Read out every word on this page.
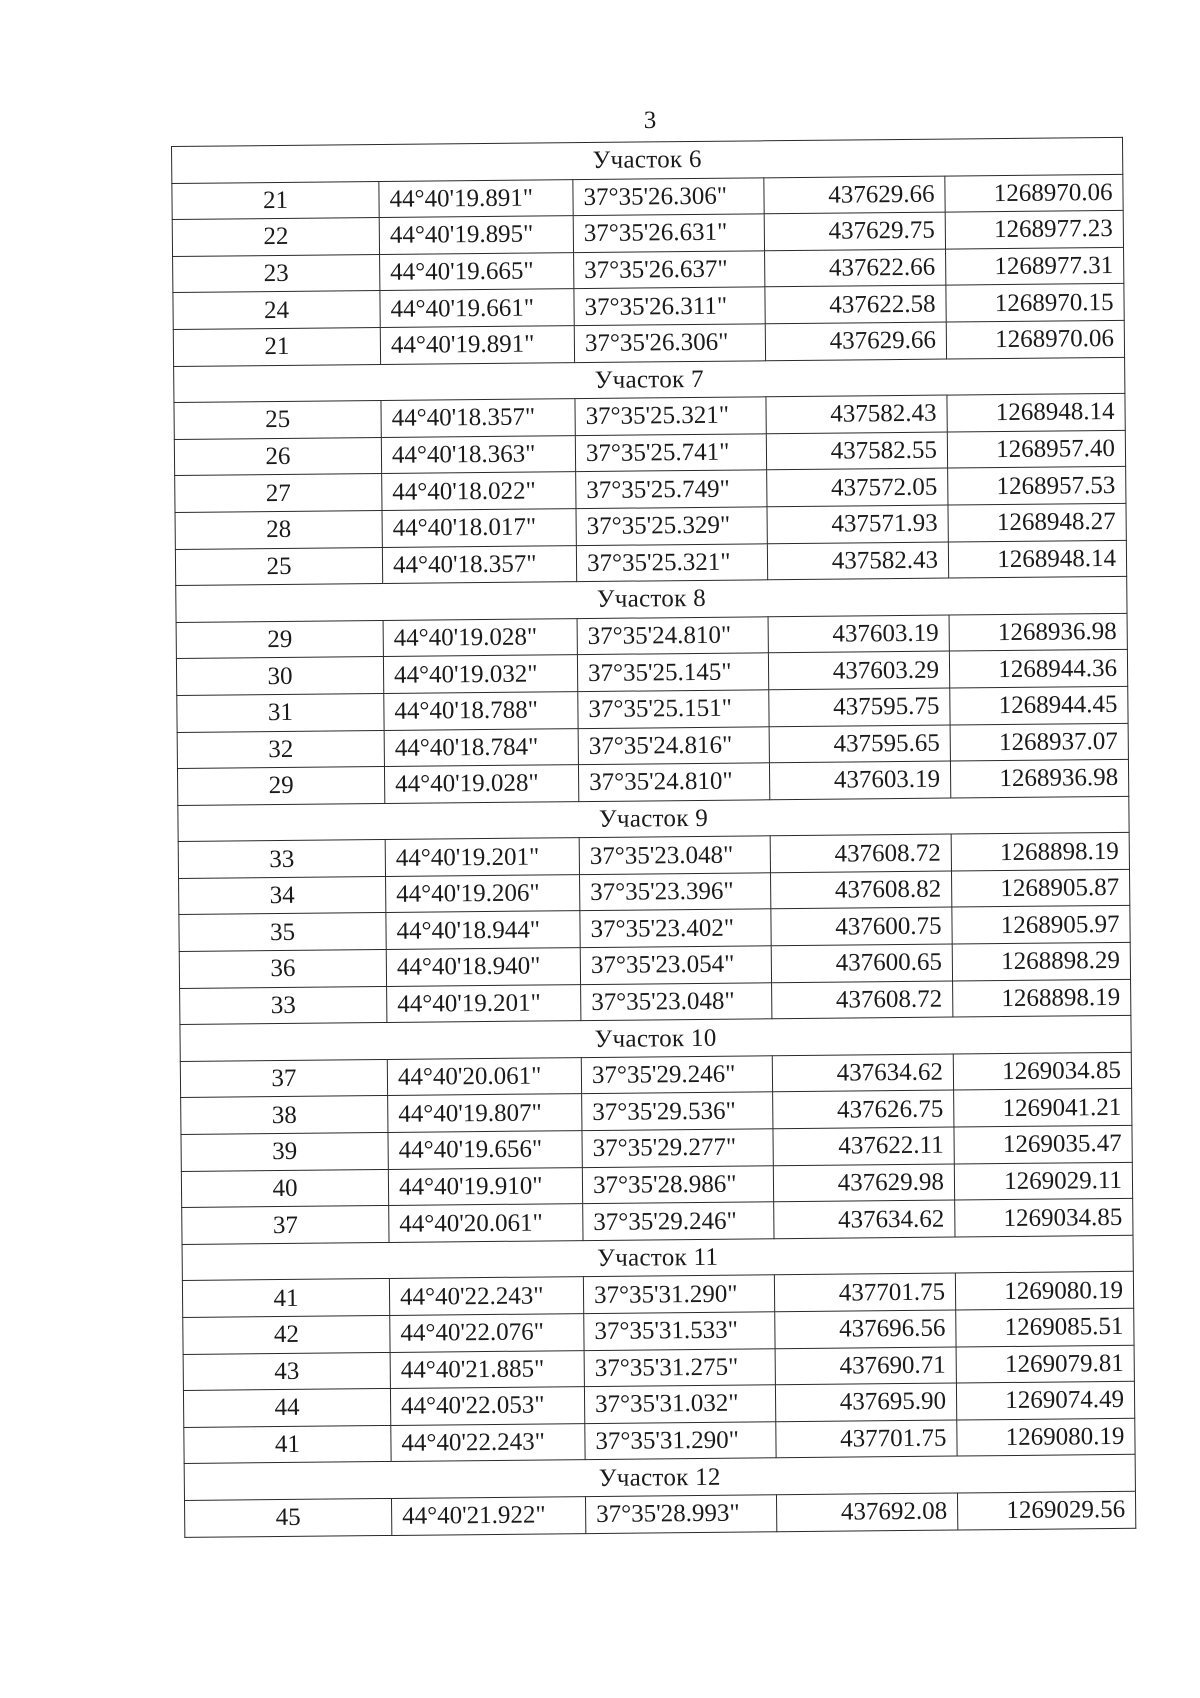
3
Участок 6				
21	44°40'19.891"	37°35'26.306"	437629.66	1268970.06
22	44°40'19.895"	37°35'26.631"	437629.75	1268977.23
23	44°40'19.665"	37°35'26.637"	437622.66	1268977.31
24	44°40'19.661"	37°35'26.311"	437622.58	1268970.15
21	44°40'19.891"	37°35'26.306"	437629.66	1268970.06
Участок 7				
25	44°40'18.357"	37°35'25.321"	437582.43	1268948.14
26	44°40'18.363"	37°35'25.741"	437582.55	1268957.40
27	44°40'18.022"	37°35'25.749"	437572.05	1268957.53
28	44°40'18.017"	37°35'25.329"	437571.93	1268948.27
25	44°40'18.357"	37°35'25.321"	437582.43	1268948.14
Участок 8				
29	44°40'19.028"	37°35'24.810"	437603.19	1268936.98
30	44°40'19.032"	37°35'25.145"	437603.29	1268944.36
31	44°40'18.788"	37°35'25.151"	437595.75	1268944.45
32	44°40'18.784"	37°35'24.816"	437595.65	1268937.07
29	44°40'19.028"	37°35'24.810"	437603.19	1268936.98
Участок 9				
33	44°40'19.201"	37°35'23.048"	437608.72	1268898.19
34	44°40'19.206"	37°35'23.396"	437608.82	1268905.87
35	44°40'18.944"	37°35'23.402"	437600.75	1268905.97
36	44°40'18.940"	37°35'23.054"	437600.65	1268898.29
33	44°40'19.201"	37°35'23.048"	437608.72	1268898.19
Участок 10				
37	44°40'20.061"	37°35'29.246"	437634.62	1269034.85
38	44°40'19.807"	37°35'29.536"	437626.75	1269041.21
39	44°40'19.656"	37°35'29.277"	437622.11	1269035.47
40	44°40'19.910"	37°35'28.986"	437629.98	1269029.11
37	44°40'20.061"	37°35'29.246"	437634.62	1269034.85
Участок 11				
41	44°40'22.243"	37°35'31.290"	437701.75	1269080.19
42	44°40'22.076"	37°35'31.533"	437696.56	1269085.51
43	44°40'21.885"	37°35'31.275"	437690.71	1269079.81
44	44°40'22.053"	37°35'31.032"	437695.90	1269074.49
41	44°40'22.243"	37°35'31.290"	437701.75	1269080.19
Участок 12				
45	44°40'21.922"	37°35'28.993"	437692.08	1269029.56
